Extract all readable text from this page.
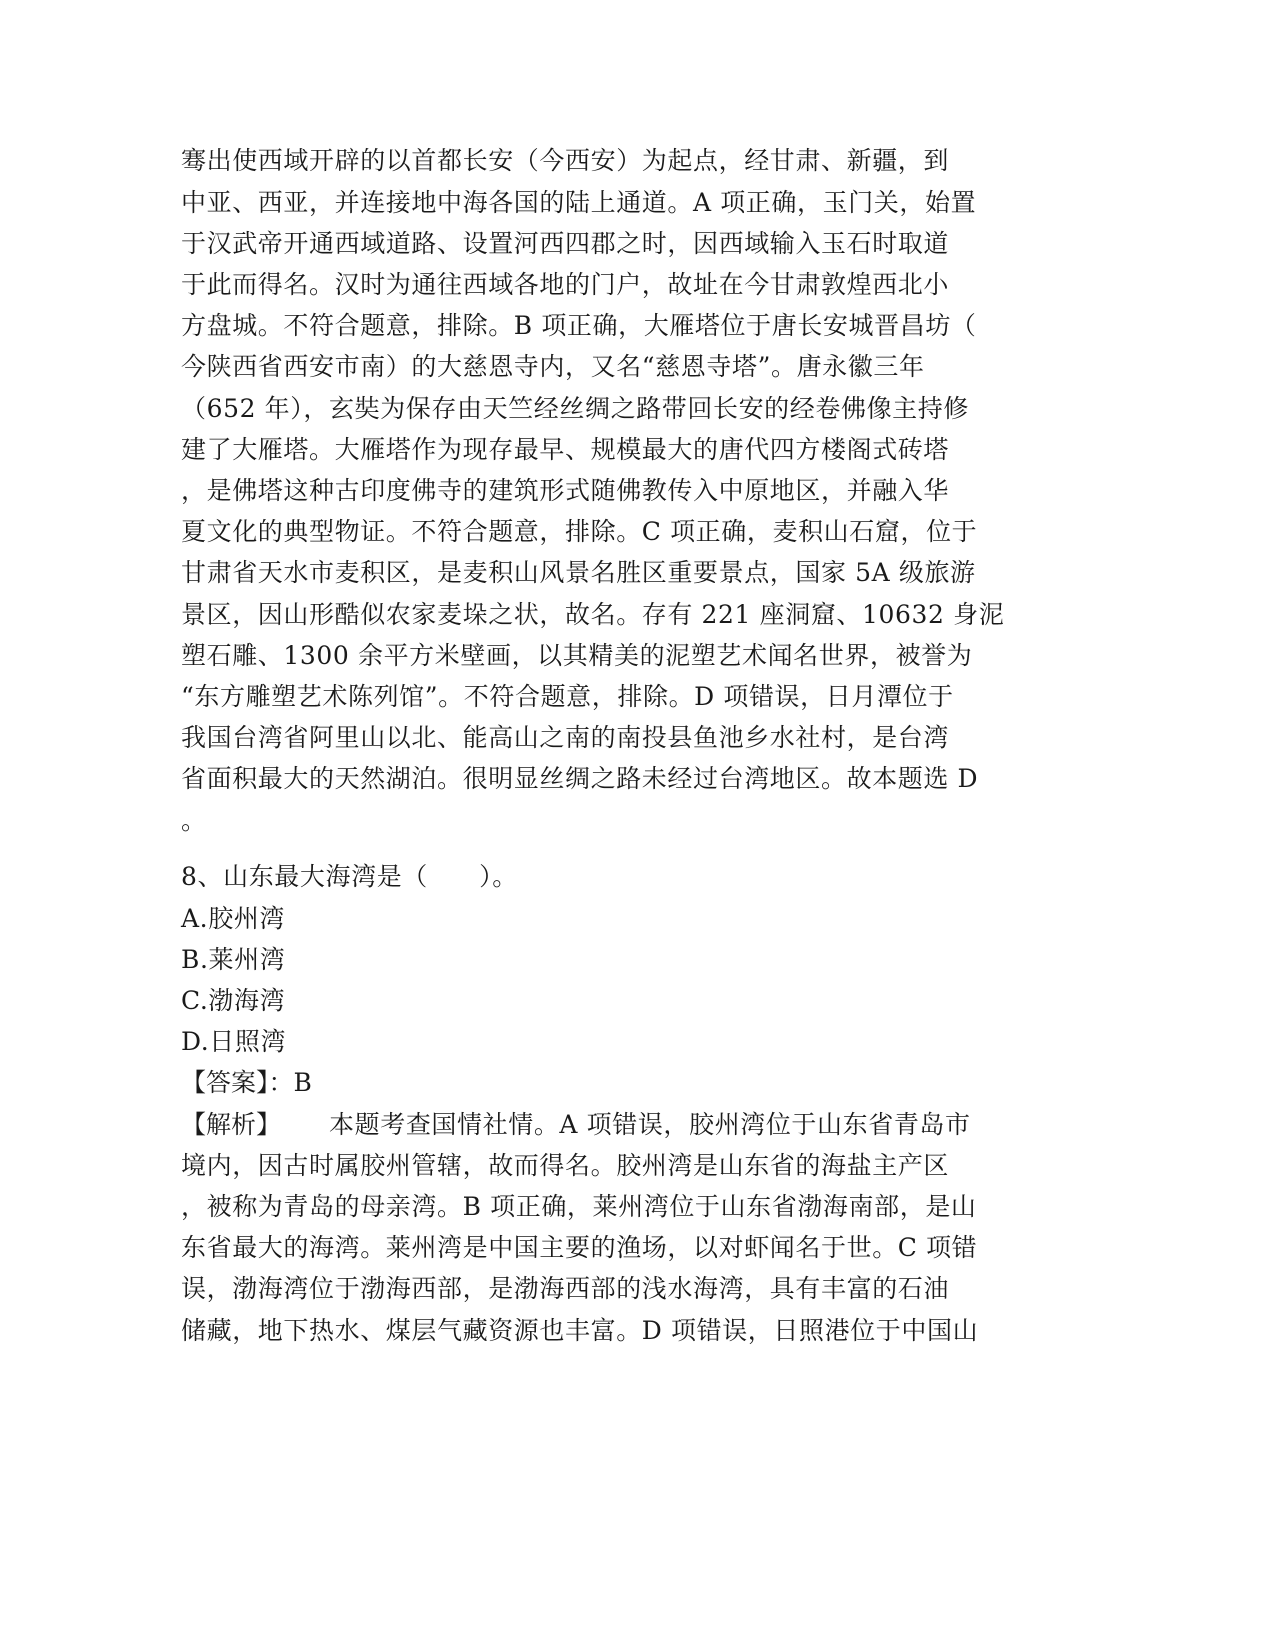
骞出使西域开辟的以首都长安（今西安）为起点，经甘肃、新疆，到
中亚、西亚，并连接地中海各国的陆上通道。A 项正确，玉门关，始置
于汉武帝开通西域道路、设置河西四郡之时，因西域输入玉石时取道
于此而得名。汉时为通往西域各地的门户，故址在今甘肃敦煌西北小
方盘城。不符合题意，排除。B 项正确，大雁塔位于唐长安城晋昌坊（
今陕西省西安市南）的大慈恩寺内，又名“慈恩寺塔”。唐永徽三年
（652 年），玄奘为保存由天竺经丝绸之路带回长安的经卷佛像主持修
建了大雁塔。大雁塔作为现存最早、规模最大的唐代四方楼阁式砖塔
，是佛塔这种古印度佛寺的建筑形式随佛教传入中原地区，并融入华
夏文化的典型物证。不符合题意，排除。C 项正确，麦积山石窟，位于
甘肃省天水市麦积区，是麦积山风景名胜区重要景点，国家 5A 级旅游
景区，因山形酷似农家麦垛之状，故名。存有 221 座洞窟、10632 身泥
塑石雕、1300 余平方米壁画，以其精美的泥塑艺术闻名世界，被誉为
“东方雕塑艺术陈列馆”。不符合题意，排除。D 项错误，日月潭位于
我国台湾省阿里山以北、能高山之南的南投县鱼池乡水社村，是台湾
省面积最大的天然湖泊。很明显丝绸之路未经过台湾地区。故本题选 D
。
8、山东最大海湾是（　　）。
A.胶州湾
B.莱州湾
C.渤海湾
D.日照湾
【答案】：B
【解析】 本题考查国情社情。A 项错误，胶州湾位于山东省青岛市
境内，因古时属胶州管辖，故而得名。胶州湾是山东省的海盐主产区
，被称为青岛的母亲湾。B 项正确，莱州湾位于山东省渤海南部，是山
东省最大的海湾。莱州湾是中国主要的渔场，以对虾闻名于世。C 项错
误，渤海湾位于渤海西部，是渤海西部的浅水海湾，具有丰富的石油
储藏，地下热水、煤层气藏资源也丰富。D 项错误，日照港位于中国山
